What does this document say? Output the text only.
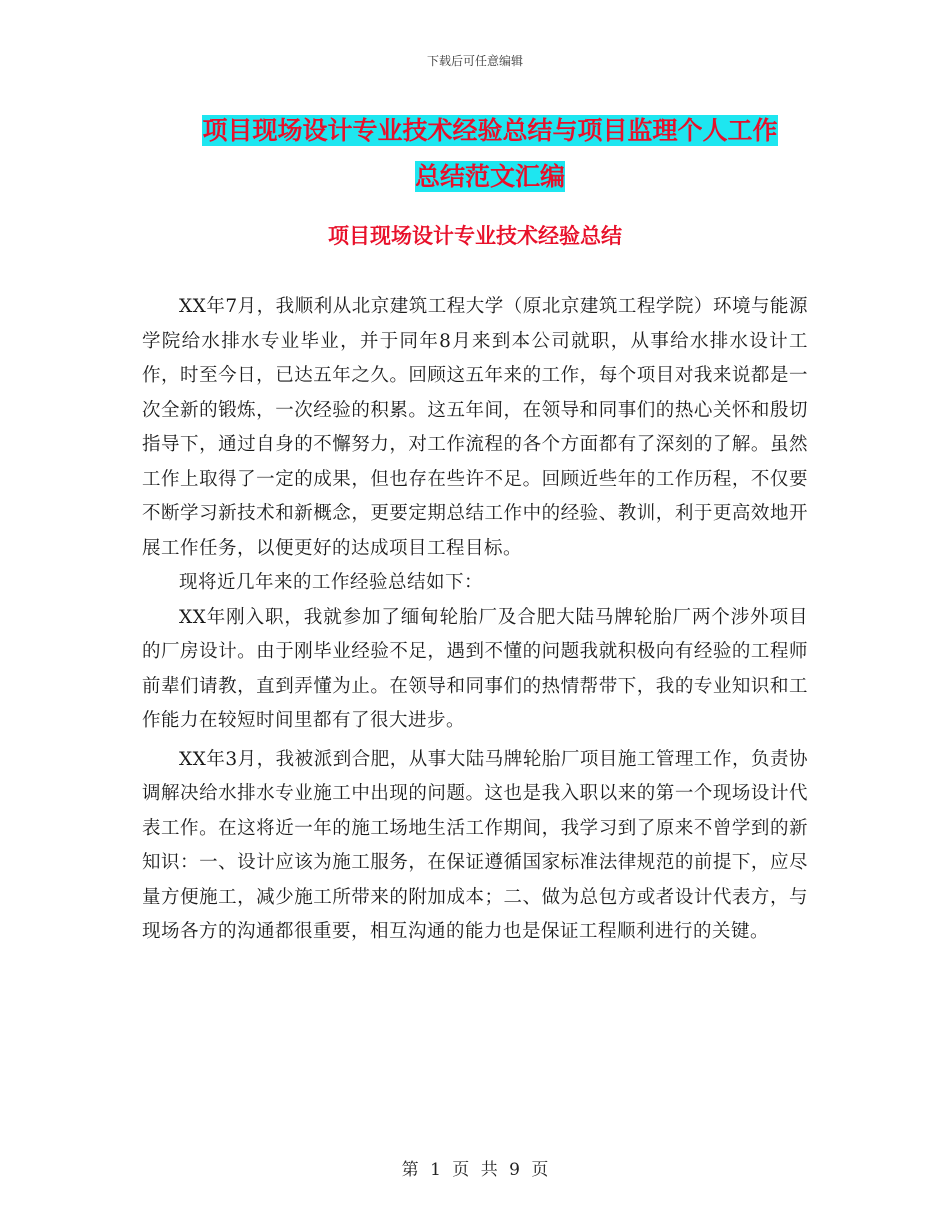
下载后可任意编辑
项目现场设计专业技术经验总结与项目监理个人工作
总结范文汇编
项目现场设计专业技术经验总结

XX年7月，我顺利从北京建筑工程大学（原北京建筑工程学院）环境与能源学院给水排水专业毕业，并于同年8月来到本公司就职，从事给水排水设计工作，时至今日，已达五年之久。回顾这五年来的工作，每个项目对我来说都是一次全新的锻炼，一次经验的积累。这五年间，在领导和同事们的热心关怀和殷切指导下，通过自身的不懈努力，对工作流程的各个方面都有了深刻的了解。虽然工作上取得了一定的成果，但也存在些许不足。回顾近些年的工作历程，不仅要不断学习新技术和新概念，更要定期总结工作中的经验、教训，利于更高效地开展工作任务，以便更好的达成项目工程目标。

现将近几年来的工作经验总结如下：

XX年刚入职，我就参加了缅甸轮胎厂及合肥大陆马牌轮胎厂两个涉外项目的厂房设计。由于刚毕业经验不足，遇到不懂的问题我就积极向有经验的工程师前辈们请教，直到弄懂为止。在领导和同事们的热情帮带下，我的专业知识和工作能力在较短时间里都有了很大进步。

XX年3月，我被派到合肥，从事大陆马牌轮胎厂项目施工管理工作，负责协调解决给水排水专业施工中出现的问题。这也是我入职以来的第一个现场设计代表工作。在这将近一年的施工场地生活工作期间，我学习到了原来不曾学到的新知识：一、设计应该为施工服务，在保证遵循国家标准法律规范的前提下，应尽量方便施工，减少施工所带来的附加成本；二、做为总包方或者设计代表方，与现场各方的沟通都很重要，相互沟通的能力也是保证工程顺利进行的关键。

第 1 页 共 9 页
